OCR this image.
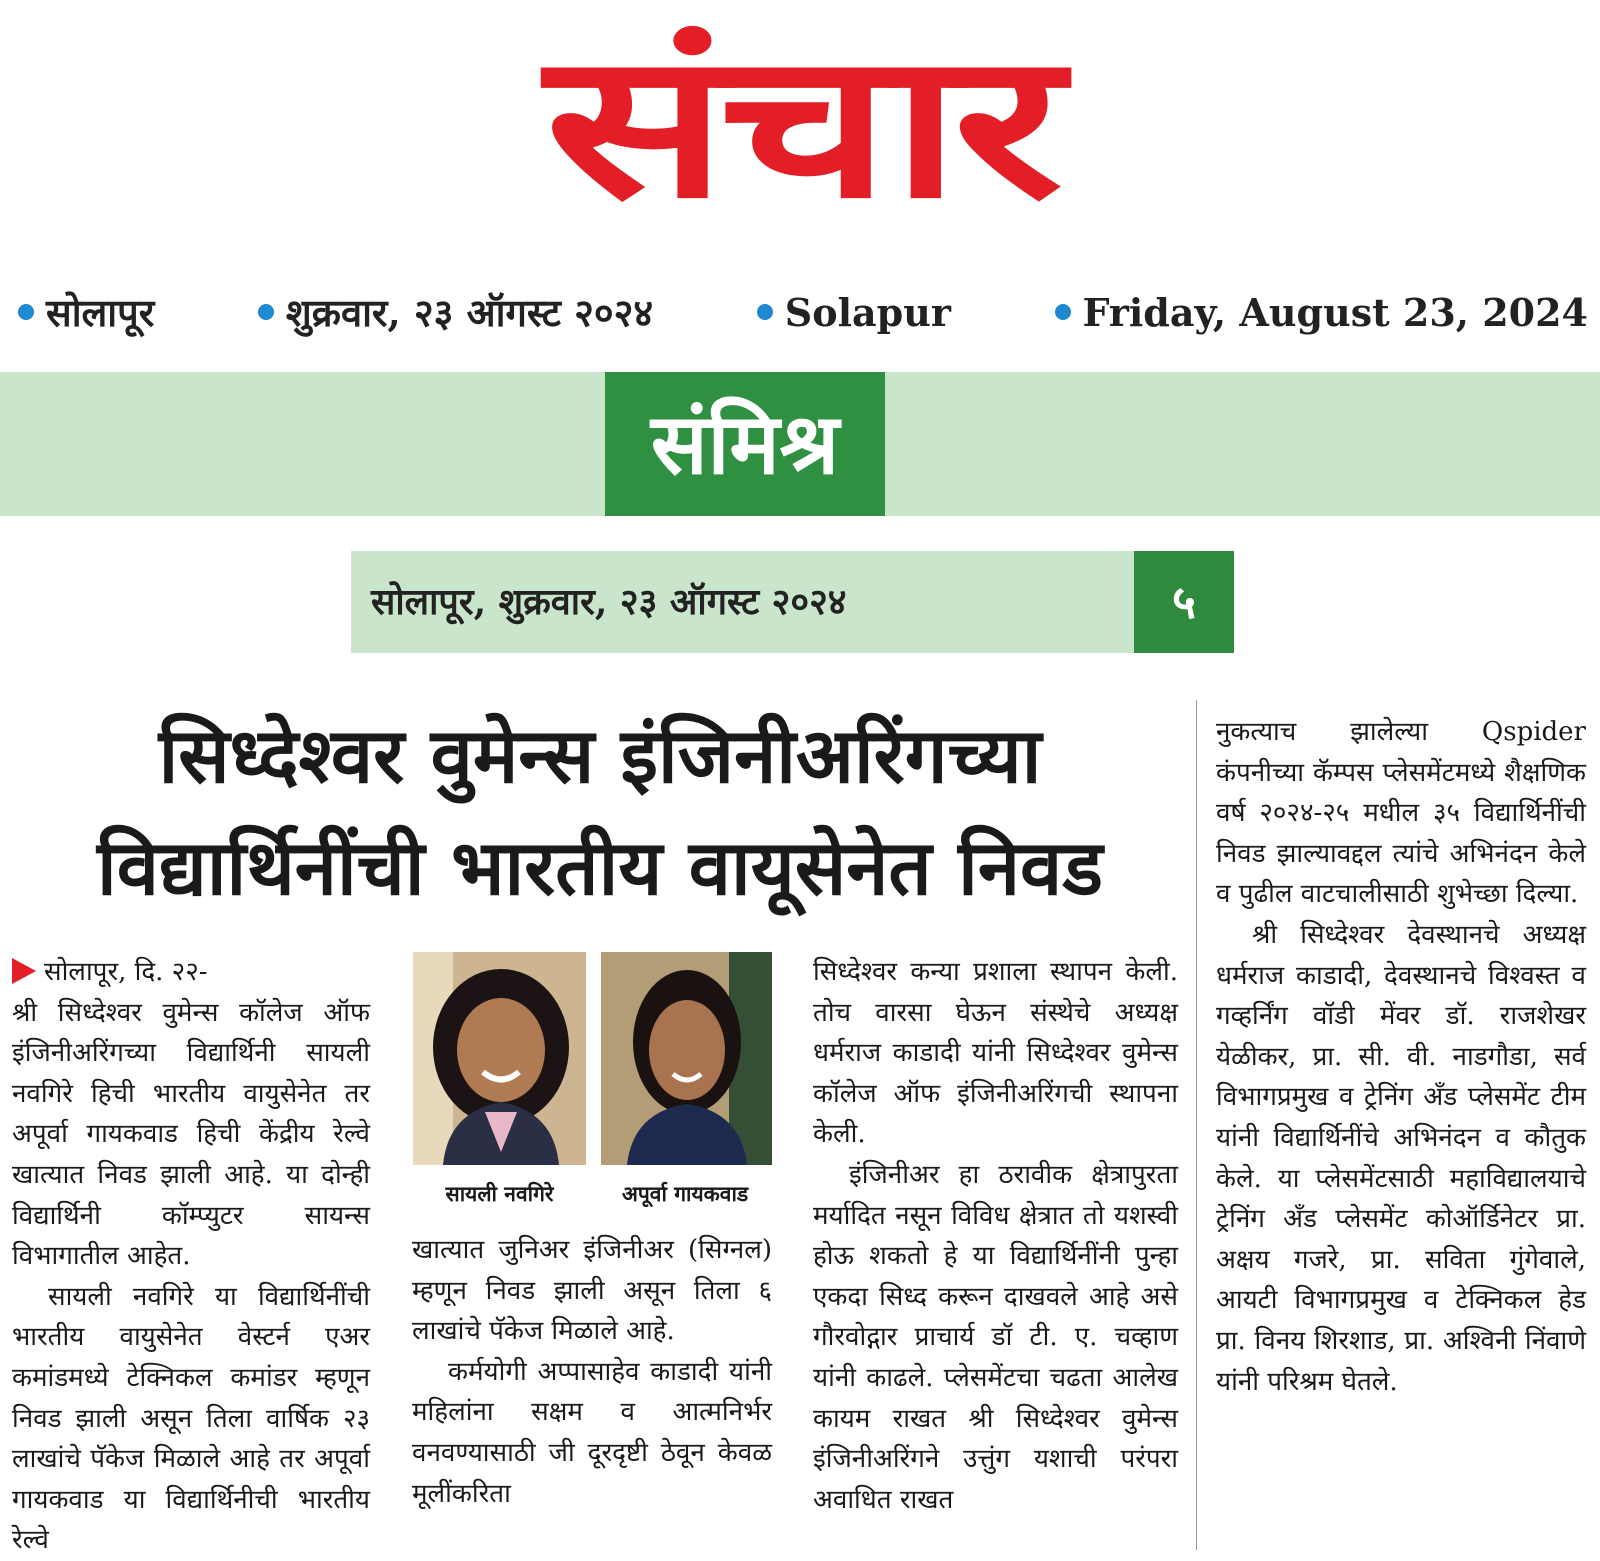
संचार
सोलापूर	शुक्रवार, २३ ऑगस्ट २०२४	Solapur	Friday, August 23, 2024
संमिश्र
सोलापूर, शुक्रवार, २३ ऑगस्ट २०२४	५
सिध्देश्वर वुमेन्स इंजिनीअरिंगच्या
विद्यार्थिनींची भारतीय वायूसेनेत निवड

सोलापूर, दि. २२-

श्री सिध्देश्वर वुमेन्स कॉलेज ऑफ इंजिनीअरिंगच्या विद्यार्थिनी सायली नवगिरे हिची भारतीय वायुसेनेत तर अपूर्वा गायकवाड हिची केंद्रीय रेल्वे खात्यात निवड झाली आहे. या दोन्ही विद्यार्थिनी कॉम्प्युटर सायन्स विभागातील आहेत.

सायली नवगिरे या विद्यार्थिनींची भारतीय वायुसेनेत वेस्टर्न एअर कमांडमध्ये टेक्निकल कमांडर म्हणून निवड झाली असून तिला वार्षिक २३ लाखांचे पॅकेज मिळाले आहे तर अपूर्वा गायकवाड या विद्यार्थिनीची भारतीय रेल्वे

सायली नवगिरे	अपूर्वा गायकवाड

खात्यात जुनिअर इंजिनीअर (सिग्नल) म्हणून निवड झाली असून तिला ६ लाखांचे पॅकेज मिळाले आहे.

कर्मयोगी अप्पासाहेव काडादी यांनी महिलांना सक्षम व आत्मनिर्भर वनवण्यासाठी जी दूरदृष्टी ठेवून केवळ मूलींकरिता

सिध्देश्वर कन्या प्रशाला स्थापन केली. तोच वारसा घेऊन संस्थेचे अध्यक्ष धर्मराज काडादी यांनी सिध्देश्वर वुमेन्स कॉलेज ऑफ इंजिनीअरिंगची स्थापना केली.

इंजिनीअर हा ठरावीक क्षेत्रापुरता मर्यादित नसून विविध क्षेत्रात तो यशस्वी होऊ शकतो हे या विद्यार्थिनींनी पुन्हा एकदा सिध्द करून दाखवले आहे असे गौरवोद्गार प्राचार्य डॉ टी. ए. चव्हाण यांनी काढले. प्लेसमेंटचा चढता आलेख कायम राखत श्री सिध्देश्वर वुमेन्स इंजिनीअरिंगने उत्तुंग यशाची परंपरा अवाधित राखत

नुकत्याच झालेल्या Qspider कंपनीच्या कॅम्पस प्लेसमेंटमध्ये शैक्षणिक वर्ष २०२४-२५ मधील ३५ विद्यार्थिनींची निवड झाल्यावद्दल त्यांचे अभिनंदन केले व पुढील वाटचालीसाठी शुभेच्छा दिल्या.

श्री सिध्देश्वर देवस्थानचे अध्यक्ष धर्मराज काडादी, देवस्थानचे विश्वस्त व गव्हर्निंग वॉडी मेंवर डॉ. राजशेखर येळीकर, प्रा. सी. वी. नाडगौडा, सर्व विभागप्रमुख व ट्रेनिंग अँड प्लेसमेंट टीम यांनी विद्यार्थिनींचे अभिनंदन व कौतुक केले. या प्लेसमेंटसाठी महाविद्यालयाचे ट्रेनिंग अँड प्लेसमेंट कोऑर्डिनेटर प्रा. अक्षय गजरे, प्रा. सविता गुंगेवाले, आयटी विभागप्रमुख व टेक्निकल हेड प्रा. विनय शिरशाड, प्रा. अश्विनी निंवाणे यांनी परिश्रम घेतले.
